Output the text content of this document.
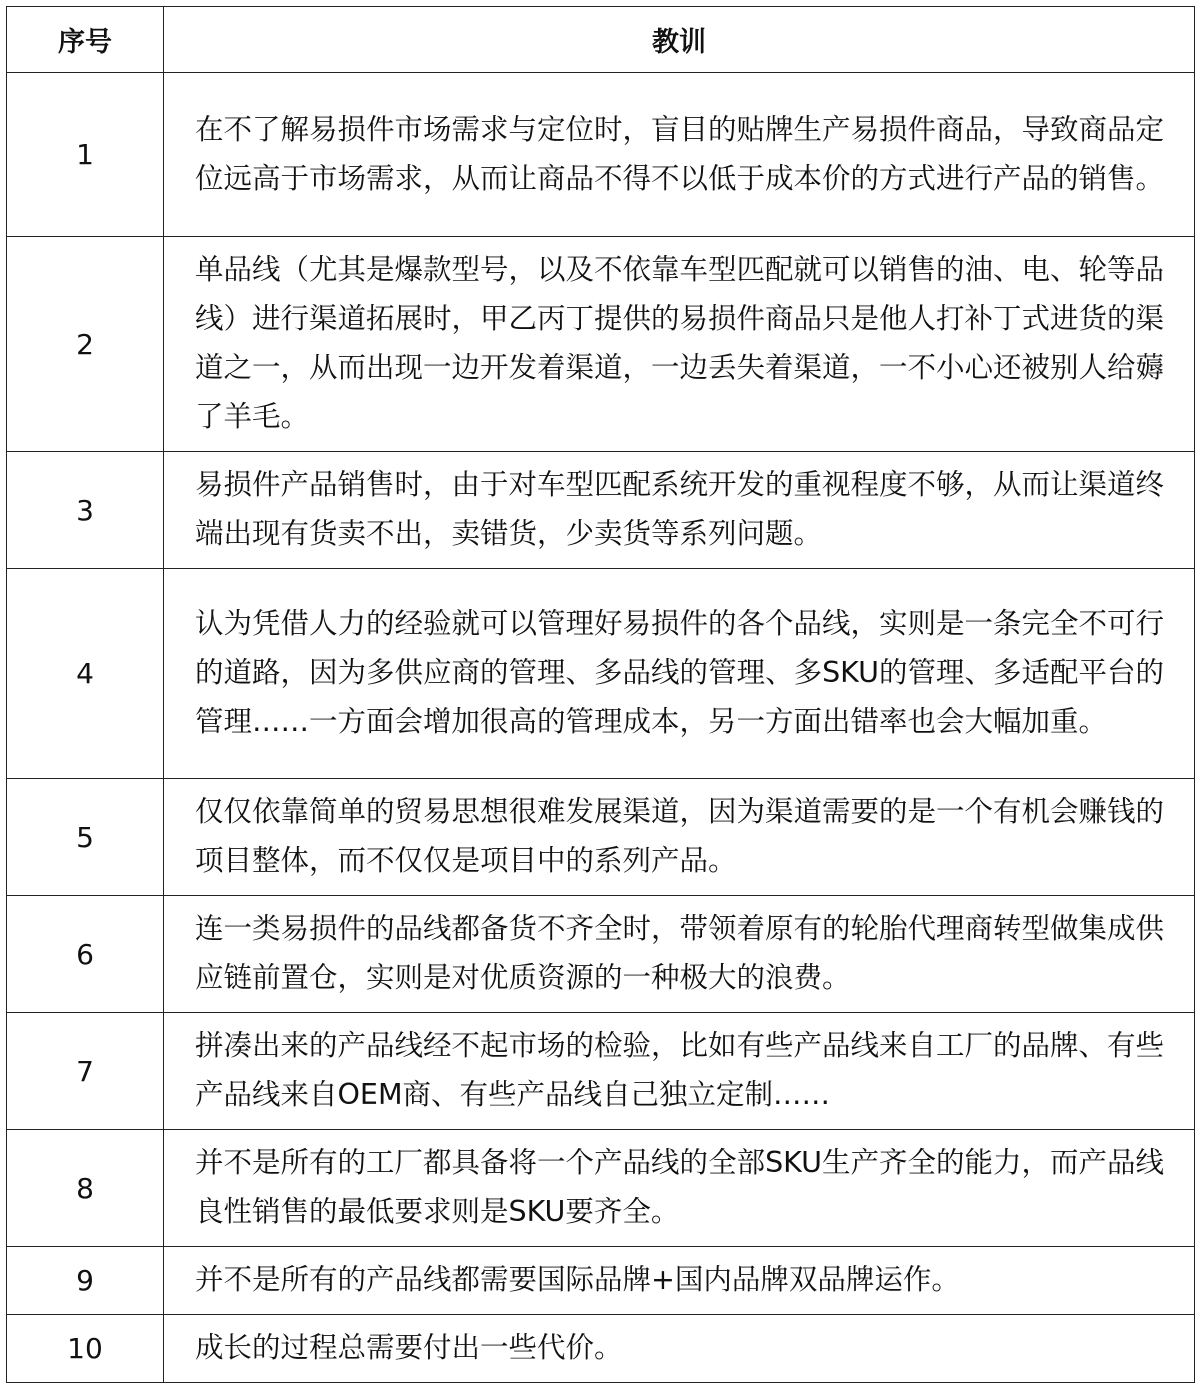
序号	教训
1	在不了解易损件市场需求与定位时，盲目的贴牌生产易损件商品，导致商品定位远高于市场需求，从而让商品不得不以低于成本价的方式进行产品的销售。
2	单品线（尤其是爆款型号，以及不依靠车型匹配就可以销售的油、电、轮等品线）进行渠道拓展时，甲乙丙丁提供的易损件商品只是他人打补丁式进货的渠道之一，从而出现一边开发着渠道，一边丢失着渠道，一不小心还被别人给薅了羊毛。
3	易损件产品销售时，由于对车型匹配系统开发的重视程度不够，从而让渠道终端出现有货卖不出，卖错货，少卖货等系列问题。
4	认为凭借人力的经验就可以管理好易损件的各个品线，实则是一条完全不可行的道路，因为多供应商的管理、多品线的管理、多SKU的管理、多适配平台的管理……一方面会增加很高的管理成本，另一方面出错率也会大幅加重。
5	仅仅依靠简单的贸易思想很难发展渠道，因为渠道需要的是一个有机会赚钱的项目整体，而不仅仅是项目中的系列产品。
6	连一类易损件的品线都备货不齐全时，带领着原有的轮胎代理商转型做集成供应链前置仓，实则是对优质资源的一种极大的浪费。
7	拼凑出来的产品线经不起市场的检验，比如有些产品线来自工厂的品牌、有些产品线来自OEM商、有些产品线自己独立定制……
8	并不是所有的工厂都具备将一个产品线的全部SKU生产齐全的能力，而产品线良性销售的最低要求则是SKU要齐全。
9	并不是所有的产品线都需要国际品牌+国内品牌双品牌运作。
10	成长的过程总需要付出一些代价。
